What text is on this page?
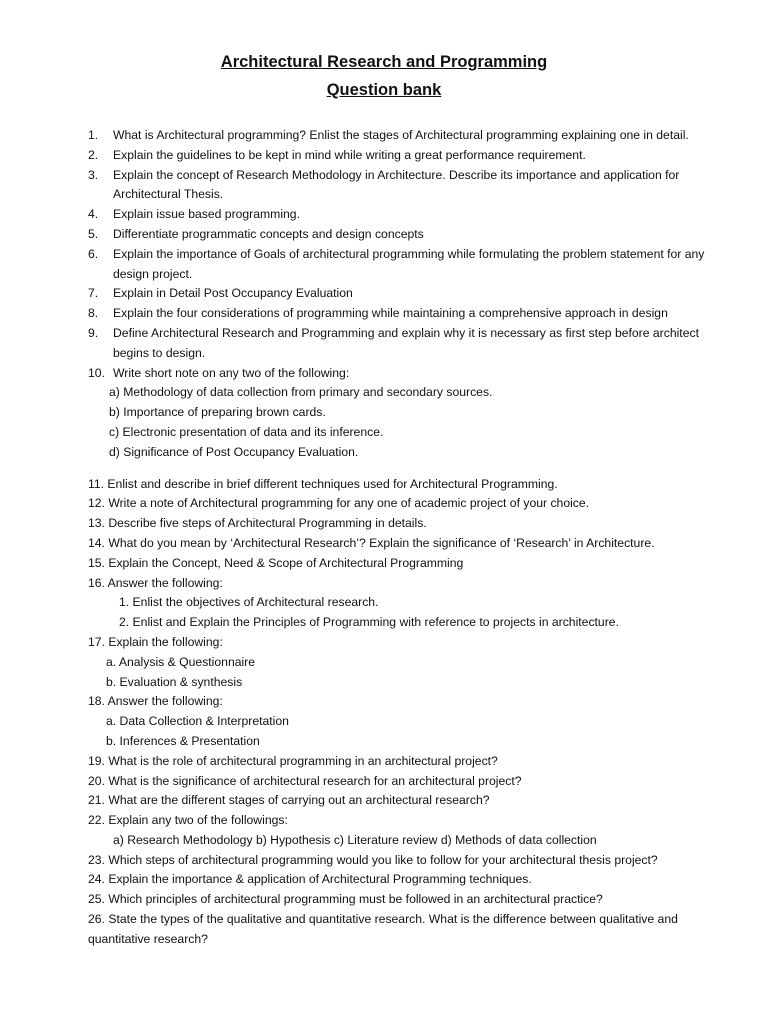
Architectural Research and Programming
Question bank
1.	What is Architectural programming? Enlist the stages of Architectural programming explaining one in detail.
2.	Explain the guidelines to be kept in mind while writing a great performance requirement.
3.	Explain the concept of Research Methodology in Architecture. Describe its importance and application for Architectural Thesis.
4.	Explain issue based programming.
5.	Differentiate programmatic concepts and design concepts
6.	Explain the importance of Goals of architectural programming while formulating the problem statement for any design project.
7.	Explain in Detail Post Occupancy Evaluation
8.	Explain the four considerations of programming while maintaining a comprehensive approach in design
9.	Define Architectural Research and Programming and explain why it is necessary as first step before architect begins to design.
10. Write short note on any two of the following:
a) Methodology of data collection from primary and secondary sources.
b) Importance of preparing brown cards.
c) Electronic presentation of data and its inference.
d) Significance of Post Occupancy Evaluation.
11. Enlist and describe in brief different techniques used for Architectural Programming.
12. Write a note of Architectural programming for any one of academic project of your choice.
13. Describe five steps of Architectural Programming in details.
14. What do you mean by ‘Architectural Research’? Explain the significance of ‘Research’ in Architecture.
15. Explain the Concept, Need & Scope of Architectural Programming
16. Answer the following:
1. Enlist the objectives of Architectural research.
2. Enlist and Explain the Principles of Programming with reference to projects in architecture.
17. Explain the following:
a. Analysis & Questionnaire
b. Evaluation & synthesis
18. Answer the following:
a. Data Collection & Interpretation
b. Inferences & Presentation
19. What is the role of architectural programming in an architectural project?
20. What is the significance of architectural research for an architectural project?
21. What are the different stages of carrying out an architectural research?
22. Explain any two of the followings:
a) Research Methodology b) Hypothesis c) Literature review d) Methods of data collection
23. Which steps of architectural programming would you like to follow for your architectural thesis project?
24. Explain the importance & application of Architectural Programming techniques.
25. Which principles of architectural programming must be followed in an architectural practice?
26. State the types of the qualitative and quantitative research. What is the difference between qualitative and quantitative research?
